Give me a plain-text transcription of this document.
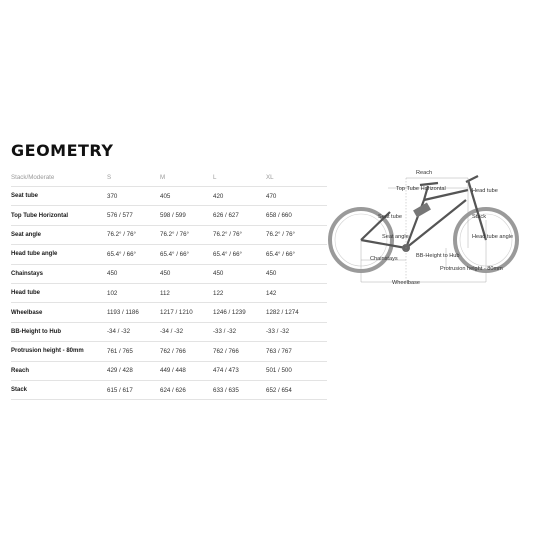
GEOMETRY
Stack/Moderate	S	M	L	XL
Seat tube	370	405	420	470
Top Tube Horizontal	576 / 577	598 / 599	626 / 627	658 / 660
Seat angle	76.2° / 76°	76.2° / 76°	76.2° / 76°	76.2° / 76°
Head tube angle	65.4° / 66°	65.4° / 66°	65.4° / 66°	65.4° / 66°
Chainstays	450	450	450	450
Head tube	102	112	122	142
Wheelbase	1193 / 1186	1217 / 1210	1246 / 1239	1282 / 1274
BB-Height to Hub	-34 / -32	-34 / -32	-33 / -32	-33 / -32
Protrusion height - 80mm	761 / 765	762 / 766	762 / 766	763 / 767
Reach	429 / 428	449 / 448	474 / 473	501 / 500
Stack	615 / 617	624 / 626	633 / 635	652 / 654
Reach
Top Tube Horizontal	Head tube
Seat tube	Stack
Seat angle	Head tube angle
Chainstays	BB-Height to Hub
Protrusion height - 80mm
Wheelbase
